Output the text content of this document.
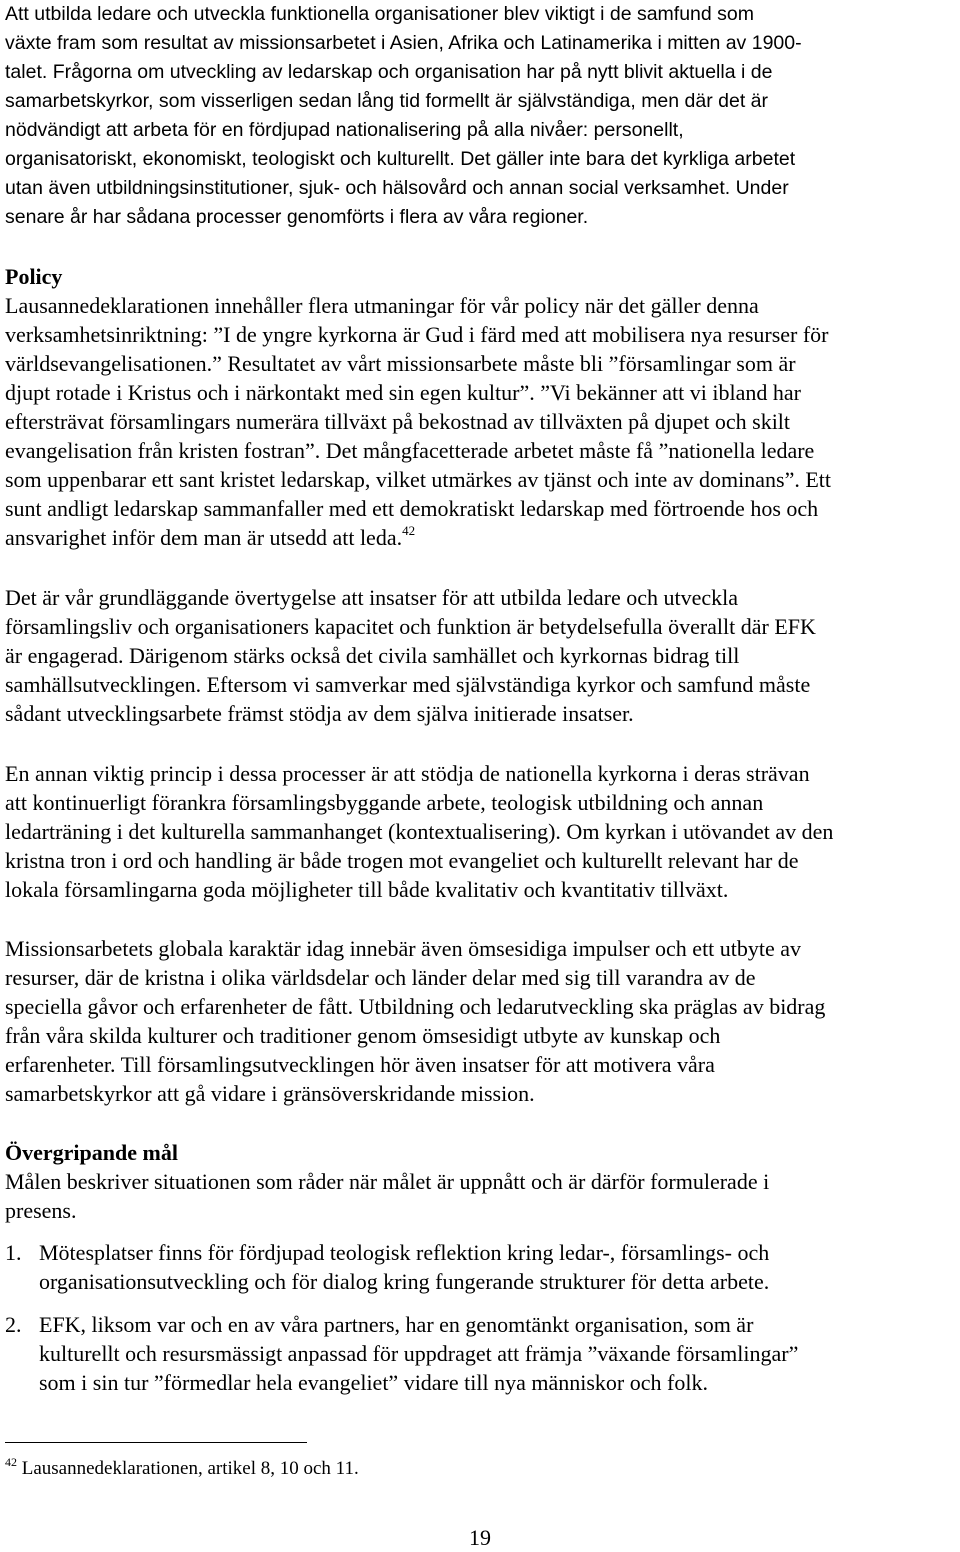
Att utbilda ledare och utveckla funktionella organisationer blev viktigt i de samfund som
växte fram som resultat av missionsarbetet i Asien, Afrika och Latinamerika i mitten av 1900-
talet. Frågorna om utveckling av ledarskap och organisation har på nytt blivit aktuella i de
samarbetskyrkor, som visserligen sedan lång tid formellt är självständiga, men där det är
nödvändigt att arbeta för en fördjupad nationalisering på alla nivåer: personellt,
organisatoriskt, ekonomiskt, teologiskt och kulturellt. Det gäller inte bara det kyrkliga arbetet
utan även utbildningsinstitutioner, sjuk- och hälsovård och annan social verksamhet. Under
senare år har sådana processer genomförts i flera av våra regioner.
Policy
Lausannedeklarationen innehåller flera utmaningar för vår policy när det gäller denna
verksamhetsinriktning: ”I de yngre kyrkorna är Gud i färd med att mobilisera nya resurser för
världsevangelisationen.” Resultatet av vårt missionsarbete måste bli ”församlingar som är
djupt rotade i Kristus och i närkontakt med sin egen kultur”. ”Vi bekänner att vi ibland har
eftersträvat församlingars numerära tillväxt på bekostnad av tillväxten på djupet och skilt
evangelisation från kristen fostran”. Det mångfacetterade arbetet måste få ”nationella ledare
som uppenbarar ett sant kristet ledarskap, vilket utmärkes av tjänst och inte av dominans”. Ett
sunt andligt ledarskap sammanfaller med ett demokratiskt ledarskap med förtroende hos och
ansvarighet inför dem man är utsedd att leda.$^{42}$
Det är vår grundläggande övertygelse att insatser för att utbilda ledare och utveckla
församlingsliv och organisationers kapacitet och funktion är betydelsefulla överallt där EFK
är engagerad. Därigenom stärks också det civila samhället och kyrkornas bidrag till
samhällsutvecklingen. Eftersom vi samverkar med självständiga kyrkor och samfund måste
sådant utvecklingsarbete främst stödja av dem själva initierade insatser.
En annan viktig princip i dessa processer är att stödja de nationella kyrkorna i deras strävan
att kontinuerligt förankra församlingsbyggande arbete, teologisk utbildning och annan
ledarträning i det kulturella sammanhanget (kontextualisering). Om kyrkan i utövandet av den
kristna tron i ord och handling är både trogen mot evangeliet och kulturellt relevant har de
lokala församlingarna goda möjligheter till både kvalitativ och kvantitativ tillväxt.
Missionsarbetets globala karaktär idag innebär även ömsesidiga impulser och ett utbyte av
resurser, där de kristna i olika världsdelar och länder delar med sig till varandra av de
speciella gåvor och erfarenheter de fått. Utbildning och ledarutveckling ska präglas av bidrag
från våra skilda kulturer och traditioner genom ömsesidigt utbyte av kunskap och
erfarenheter. Till församlingsutvecklingen hör även insatser för att motivera våra
samarbetskyrkor att gå vidare i gränsöverskridande mission.
Övergripande mål
Målen beskriver situationen som råder när målet är uppnått och är därför formulerade i
presens.
1. Mötesplatser finns för fördjupad teologisk reflektion kring ledar-, församlings- och
organisationsutveckling och för dialog kring fungerande strukturer för detta arbete.
2. EFK, liksom var och en av våra partners, har en genomtänkt organisation, som är
kulturellt och resursmässigt anpassad för uppdraget att främja ”växande församlingar”
som i sin tur ”förmedlar hela evangeliet” vidare till nya människor och folk.
$^{42}$ Lausannedeklarationen, artikel 8, 10 och 11.
19
